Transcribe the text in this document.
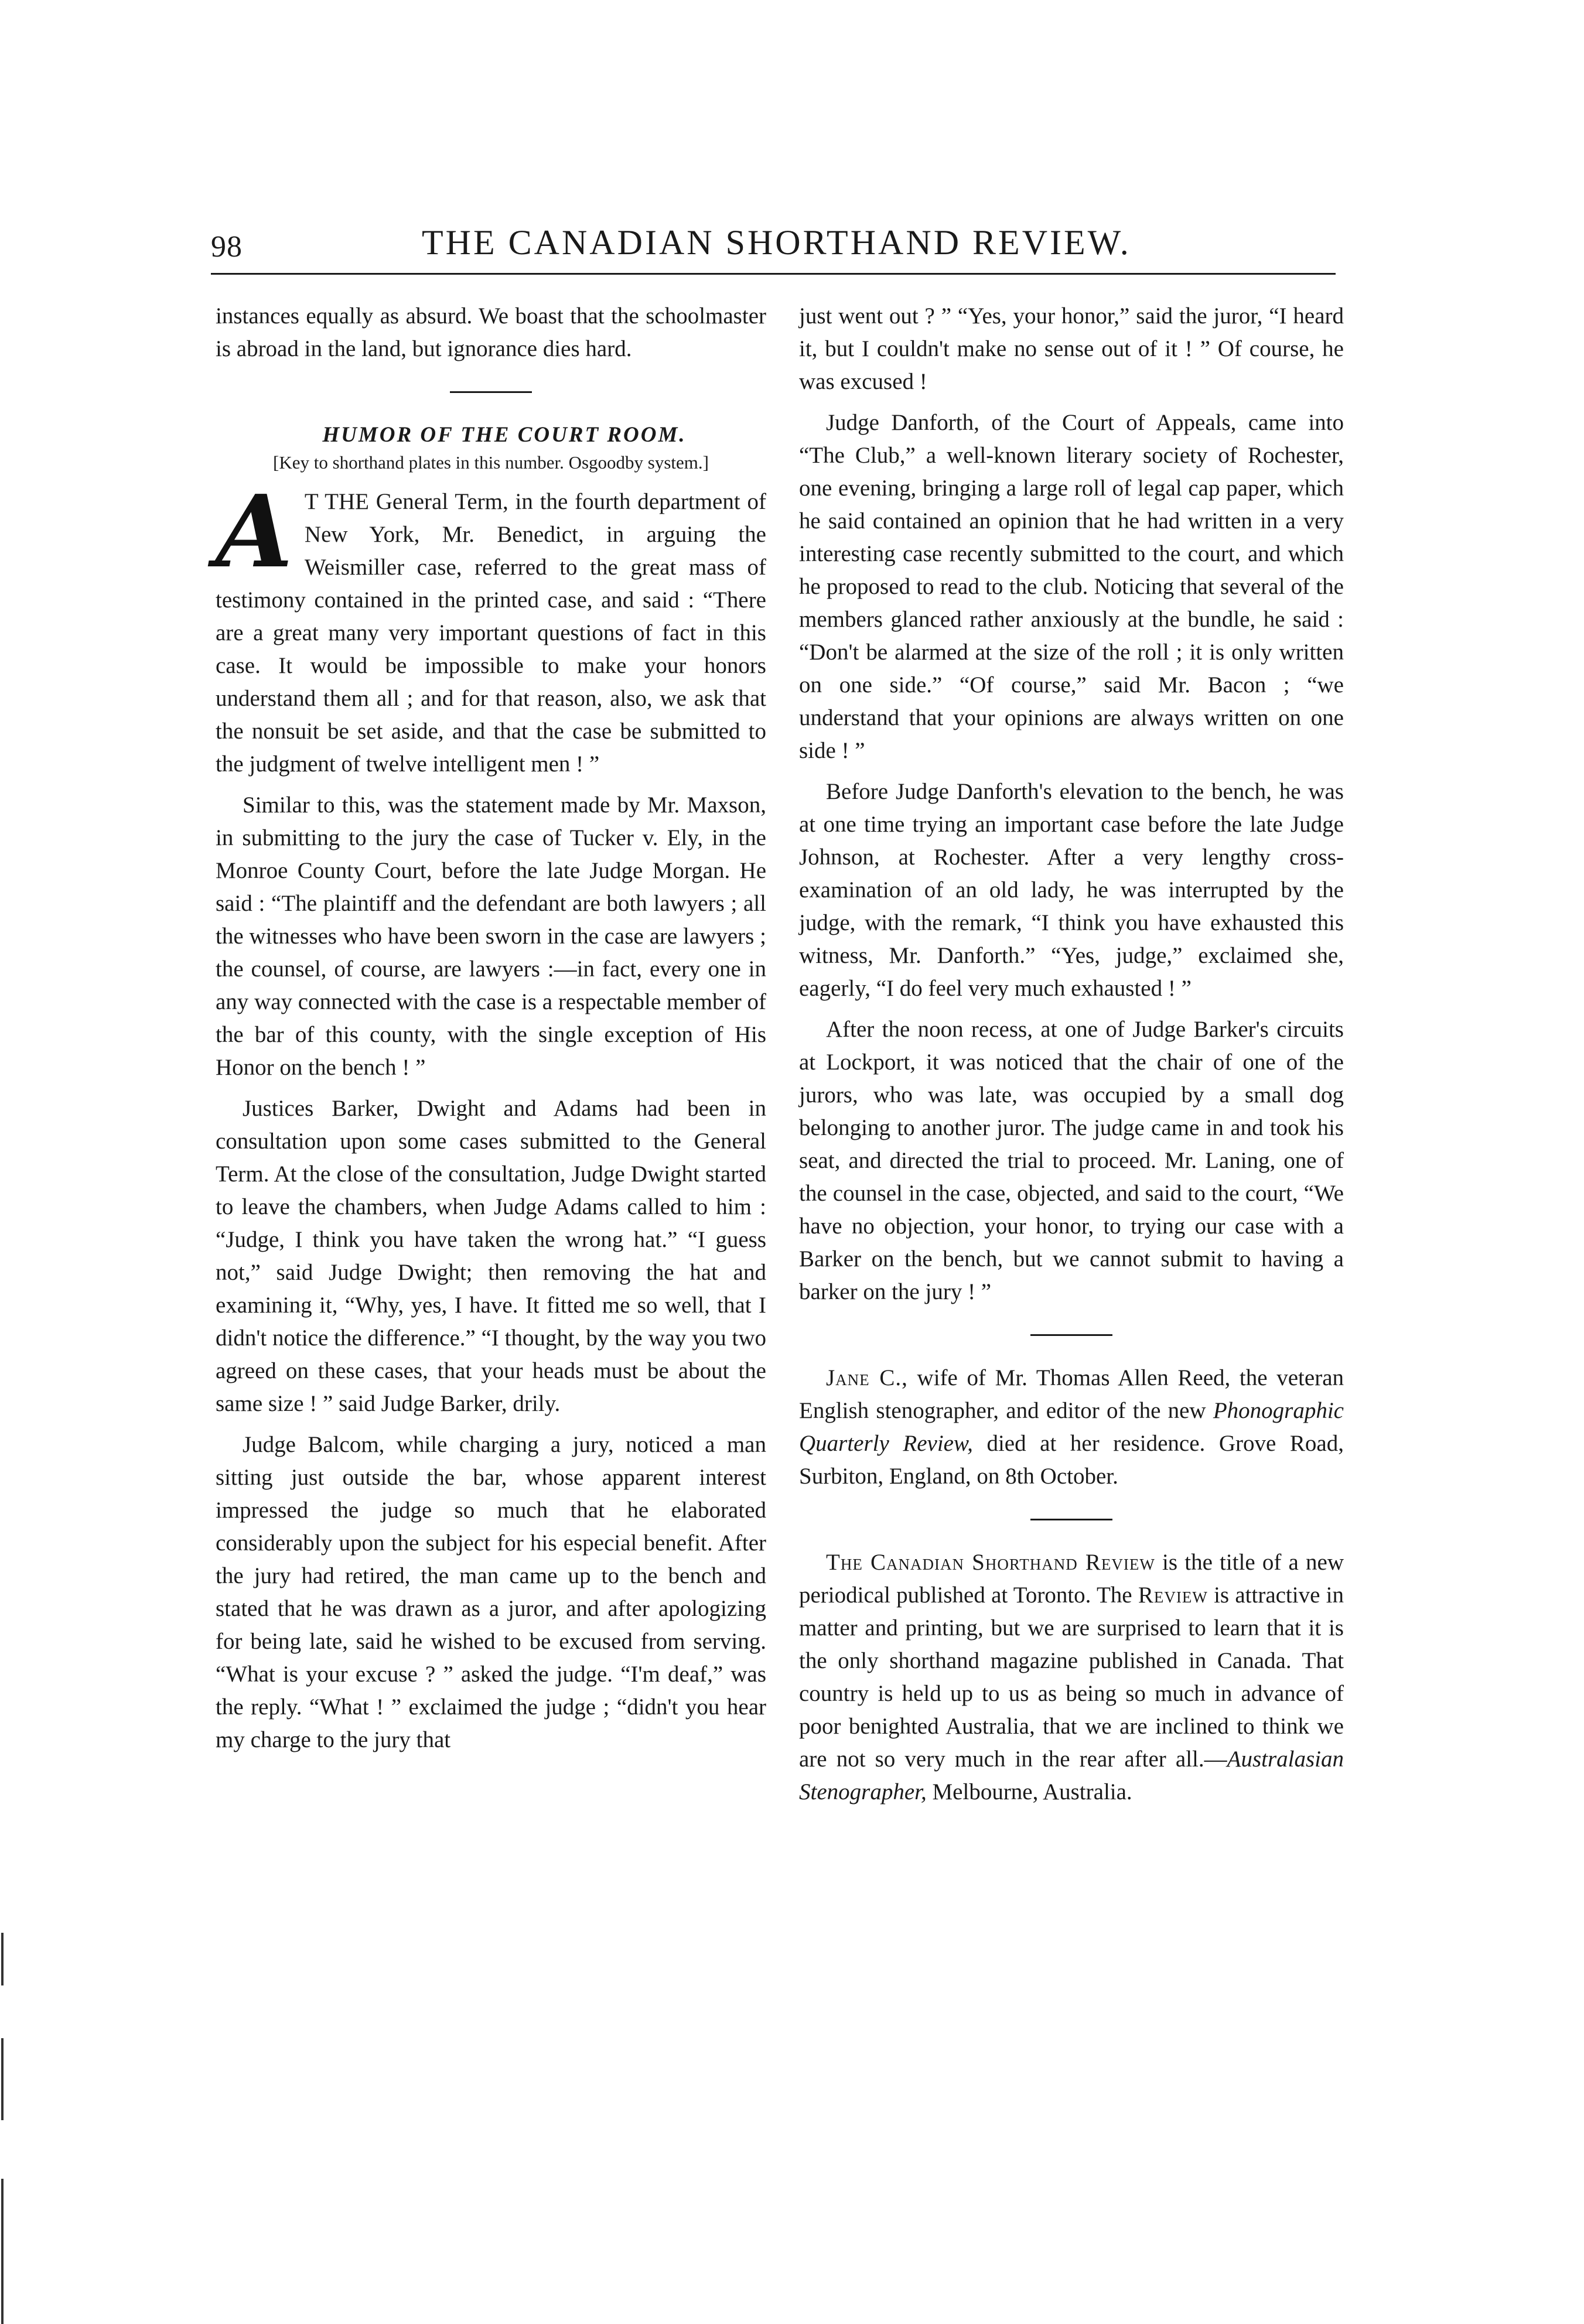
98	THE CANADIAN SHORTHAND REVIEW.

instances equally as absurd. We boast that the schoolmaster is abroad in the land, but ignorance dies hard.

HUMOR OF THE COURT ROOM.

[Key to shorthand plates in this number. Osgoodby system.]

A T THE General Term, in the fourth department of New York, Mr. Benedict, in arguing the Weismiller case, referred to the great mass of testimony contained in the printed case, and said : “There are a great many very important questions of fact in this case. It would be impossible to make your honors understand them all ; and for that reason, also, we ask that the nonsuit be set aside, and that the case be submitted to the judgment of twelve intelligent men ! ”

Similar to this, was the statement made by Mr. Maxson, in submitting to the jury the case of Tucker v. Ely, in the Monroe County Court, before the late Judge Morgan. He said : “The plaintiff and the defendant are both lawyers ; all the witnesses who have been sworn in the case are lawyers ; the counsel, of course, are lawyers :—in fact, every one in any way connected with the case is a respectable member of the bar of this county, with the single exception of His Honor on the bench ! ”

Justices Barker, Dwight and Adams had been in consultation upon some cases submitted to the General Term. At the close of the consultation, Judge Dwight started to leave the chambers, when Judge Adams called to him : “Judge, I think you have taken the wrong hat.” “I guess not,” said Judge Dwight; then removing the hat and examining it, “Why, yes, I have. It fitted me so well, that I didn't notice the difference.” “I thought, by the way you two agreed on these cases, that your heads must be about the same size ! ” said Judge Barker, drily.

Judge Balcom, while charging a jury, noticed a man sitting just outside the bar, whose apparent interest impressed the judge so much that he elaborated considerably upon the subject for his especial benefit. After the jury had retired, the man came up to the bench and stated that he was drawn as a juror, and after apologizing for being late, said he wished to be excused from serving. “What is your excuse ? ” asked the judge. “I'm deaf,” was the reply. “What ! ” exclaimed the judge ; “didn't you hear my charge to the jury that

just went out ? ” “Yes, your honor,” said the juror, “I heard it, but I couldn't make no sense out of it ! ” Of course, he was excused !

Judge Danforth, of the Court of Appeals, came into “The Club,” a well-known literary society of Rochester, one evening, bringing a large roll of legal cap paper, which he said contained an opinion that he had written in a very interesting case recently submitted to the court, and which he proposed to read to the club. Noticing that several of the members glanced rather anxiously at the bundle, he said : “Don't be alarmed at the size of the roll ; it is only written on one side.” “Of course,” said Mr. Bacon ; “we understand that your opinions are always written on one side ! ”

Before Judge Danforth's elevation to the bench, he was at one time trying an important case before the late Judge Johnson, at Rochester. After a very lengthy cross-examination of an old lady, he was interrupted by the judge, with the remark, “I think you have exhausted this witness, Mr. Danforth.” “Yes, judge,” exclaimed she, eagerly, “I do feel very much exhausted ! ”

After the noon recess, at one of Judge Barker's circuits at Lockport, it was noticed that the chair of one of the jurors, who was late, was occupied by a small dog belonging to another juror. The judge came in and took his seat, and directed the trial to proceed. Mr. Laning, one of the counsel in the case, objected, and said to the court, “We have no objection, your honor, to trying our case with a Barker on the bench, but we cannot submit to having a barker on the jury ! ”

Jane C., wife of Mr. Thomas Allen Reed, the veteran English stenographer, and editor of the new Phonographic Quarterly Review, died at her residence. Grove Road, Surbiton, England, on 8th October.

The Canadian Shorthand Review is the title of a new periodical published at Toronto. The Review is attractive in matter and printing, but we are surprised to learn that it is the only shorthand magazine published in Canada. That country is held up to us as being so much in advance of poor benighted Australia, that we are inclined to think we are not so very much in the rear after all.—Australasian Stenographer, Melbourne, Australia.
